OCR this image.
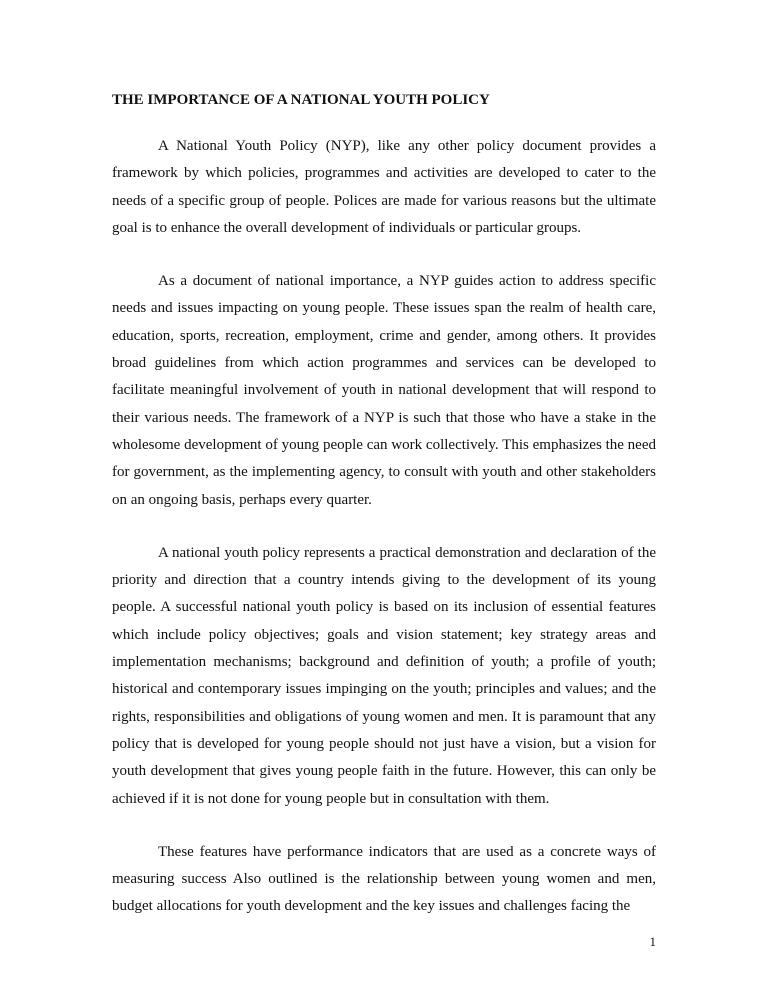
THE IMPORTANCE OF A NATIONAL YOUTH POLICY

A National Youth Policy (NYP), like any other policy document provides a framework by which policies, programmes and activities are developed to cater to the needs of a specific group of people. Polices are made for various reasons but the ultimate goal is to enhance the overall development of individuals or particular groups.

As a document of national importance, a NYP guides action to address specific needs and issues impacting on young people. These issues span the realm of health care, education, sports, recreation, employment, crime and gender, among others. It provides broad guidelines from which action programmes and services can be developed to facilitate meaningful involvement of youth in national development that will respond to their various needs. The framework of a NYP is such that those who have a stake in the wholesome development of young people can work collectively. This emphasizes the need for government, as the implementing agency, to consult with youth and other stakeholders on an ongoing basis, perhaps every quarter.

A national youth policy represents a practical demonstration and declaration of the priority and direction that a country intends giving to the development of its young people. A successful national youth policy is based on its inclusion of essential features which include policy objectives; goals and vision statement; key strategy areas and implementation mechanisms; background and definition of youth; a profile of youth; historical and contemporary issues impinging on the youth; principles and values; and the rights, responsibilities and obligations of young women and men. It is paramount that any policy that is developed for young people should not just have a vision, but a vision for youth development that gives young people faith in the future. However, this can only be achieved if it is not done for young people but in consultation with them.

These features have performance indicators that are used as a concrete ways of measuring success Also outlined is the relationship between young women and men, budget allocations for youth development and the key issues and challenges facing the

1
